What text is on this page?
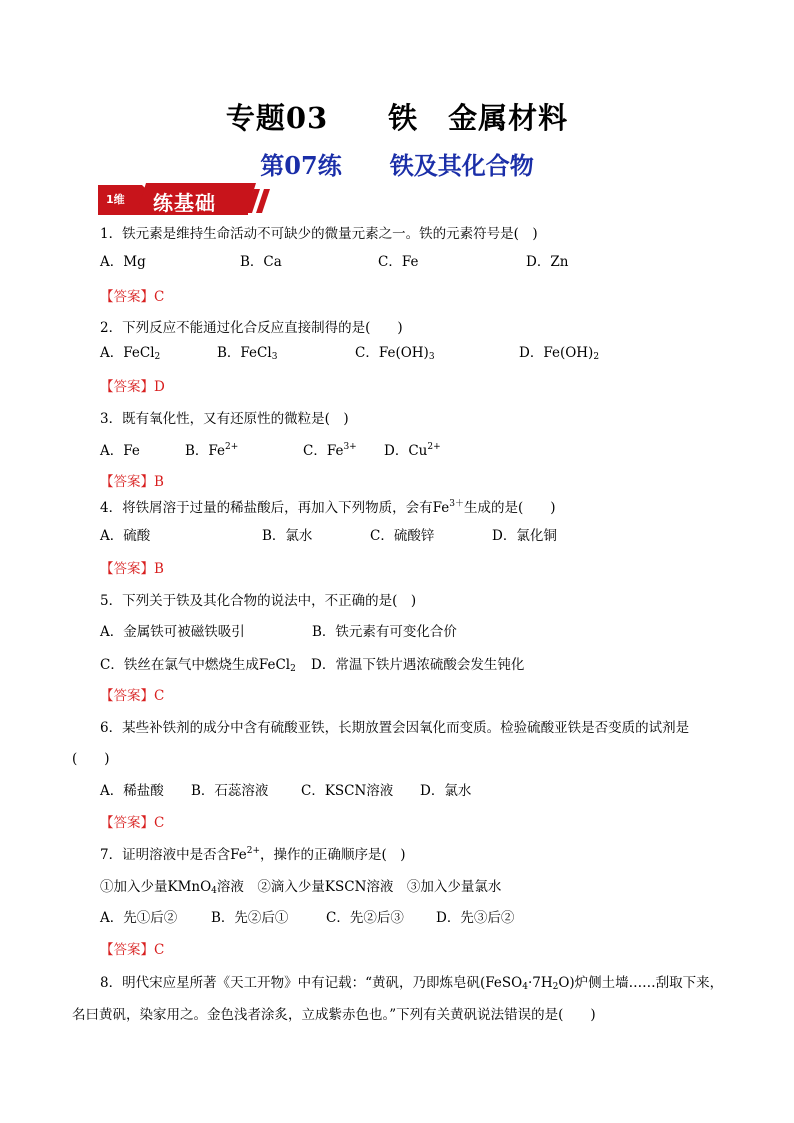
专题03　　铁　金属材料
第07练　　铁及其化合物
1维 练基础
1．铁元素是维持生命活动不可缺少的微量元素之一。铁的元素符号是(　)
A．Mg	B．Ca	C．Fe	D．Zn
【答案】C
2．下列反应不能通过化合反应直接制得的是(　　)
A．FeCl$_2$	B．FeCl$_3$	C．$Fe(OH)_3$	D．$Fe(OH)_2$
【答案】D
3．既有氧化性，又有还原性的微粒是(　)
A．Fe	B．$Fe^{2+}$	C．$Fe^{3+}$ D．$Cu^{2+}$
【答案】B
4．将铁屑溶于过量的稀盐酸后，再加入下列物质，会有$Fe^{3+}$生成的是(　　)
A．硫酸	B．氯水	C．硫酸锌	D．氯化铜
【答案】B
5．下列关于铁及其化合物的说法中，不正确的是(　)
A．金属铁可被磁铁吸引	B．铁元素有可变化合价
C．铁丝在氯气中燃烧生成FeCl$_2$ D．常温下铁片遇浓硫酸会发生钝化
【答案】C
6．某些补铁剂的成分中含有硫酸亚铁，长期放置会因氧化而变质。检验硫酸亚铁是否变质的试剂是
(　　)
A．稀盐酸 B．石蕊溶液 C．KSCN溶液 D．氯水
【答案】C
7．证明溶液中是否含$Fe^{2+}$，操作的正确顺序是(　)
①加入少量KMnO$_4$溶液　②滴入少量KSCN溶液　③加入少量氯水
A．先①后②	B．先②后①	C．先②后③ D．先③后②
【答案】C
8．明代宋应星所著《天工开物》中有记载：“黄矾，乃即炼皂矾$(FeSO_4\cdot 7H_2O)$炉侧土墙……刮取下来，
名曰黄矾，染家用之。金色浅者涂炙，立成紫赤色也。”下列有关黄矾说法错误的是(　　)
